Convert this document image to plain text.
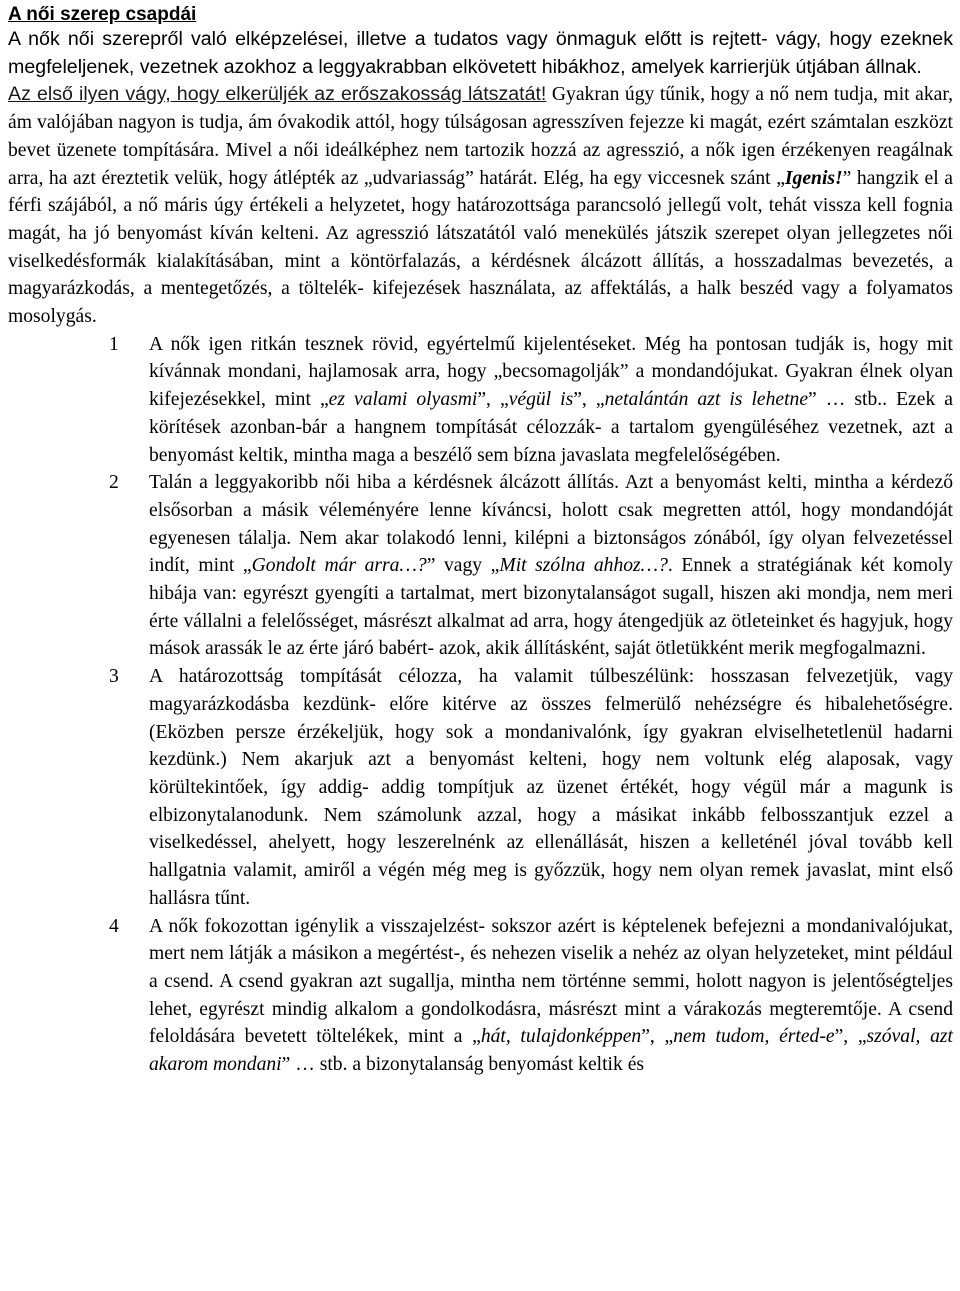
A női szerep csapdái

A nők női szerepről való elképzelései, illetve a tudatos vagy önmaguk előtt is rejtett- vágy, hogy ezeknek megfeleljenek, vezetnek azokhoz a leggyakrabban elkövetett hibákhoz, amelyek karrierjük útjában állnak.
Az első ilyen vágy, hogy elkerüljék az erőszakosság látszatát! Gyakran úgy tűnik, hogy a nő nem tudja, mit akar, ám valójában nagyon is tudja, ám óvakodik attól, hogy túlságosan agresszíven fejezze ki magát, ezért számtalan eszközt bevet üzenete tompítására. Mivel a női ideálképhez nem tartozik hozzá az agresszió, a nők igen érzékenyen reagálnak arra, ha azt éreztetik velük, hogy átlépték az „udvariasság” határát. Elég, ha egy viccesnek szánt „Igenis!” hangzik el a férfi szájából, a nő máris úgy értékeli a helyzetet, hogy határozottsága parancsoló jellegű volt, tehát vissza kell fognia magát, ha jó benyomást kíván kelteni. Az agresszió látszatától való menekülés játszik szerepet olyan jellegzetes női viselkedésformák kialakításában, mint a köntörfalazás, a kérdésnek álcázott állítás, a hosszadalmas bevezetés, a magyarázkodás, a mentegetőzés, a töltelék- kifejezések használata, az affektálás, a halk beszéd vagy a folyamatos mosolygás.

1	A nők igen ritkán tesznek rövid, egyértelmű kijelentéseket. Még ha pontosan tudják is, hogy mit kívánnak mondani, hajlamosak arra, hogy „becsomagolják” a mondandójukat. Gyakran élnek olyan kifejezésekkel, mint „ez valami olyasmi”, „végül is”, „netalántán azt is lehetne” … stb.. Ezek a körítések azonban-bár a hangnem tompítását célozzák- a tartalom gyengüléséhez vezetnek, azt a benyomást keltik, mintha maga a beszélő sem bízna javaslata megfelelőségében.
2	Talán a leggyakoribb női hiba a kérdésnek álcázott állítás. Azt a benyomást kelti, mintha a kérdező elsősorban a másik véleményére lenne kíváncsi, holott csak megretten attól, hogy mondandóját egyenesen tálalja. Nem akar tolakodó lenni, kilépni a biztonságos zónából, így olyan felvezetéssel indít, mint „Gondolt már arra…?” vagy „Mit szólna ahhoz…?. Ennek a stratégiának két komoly hibája van: egyrészt gyengíti a tartalmat, mert bizonytalanságot sugall, hiszen aki mondja, nem meri érte vállalni a felelősséget, másrészt alkalmat ad arra, hogy átengedjük az ötleteinket és hagyjuk, hogy mások arassák le az érte járó babért- azok, akik állításként, saját ötletükként merik megfogalmazni.
3	A határozottság tompítását célozza, ha valamit túlbeszélünk: hosszasan felvezetjük, vagy magyarázkodásba kezdünk- előre kitérve az összes felmerülő nehézségre és hibalehetőségre. (Eközben persze érzékeljük, hogy sok a mondanivalónk, így gyakran elviselhetetlenül hadarni kezdünk.) Nem akarjuk azt a benyomást kelteni, hogy nem voltunk elég alaposak, vagy körültekintőek, így addig- addig tompítjuk az üzenet értékét, hogy végül már a magunk is elbizonytalanodunk. Nem számolunk azzal, hogy a másikat inkább felbosszantjuk ezzel a viselkedéssel, ahelyett, hogy leszerelnénk az ellenállását, hiszen a kelleténél jóval tovább kell hallgatnia valamit, amiről a végén még meg is győzzük, hogy nem olyan remek javaslat, mint első hallásra tűnt.
4	A nők fokozottan igénylik a visszajelzést- sokszor azért is képtelenek befejezni a mondanivalójukat, mert nem látják a másikon a megértést-, és nehezen viselik a nehéz az olyan helyzeteket, mint például a csend. A csend gyakran azt sugallja, mintha nem történne semmi, holott nagyon is jelentőségteljes lehet, egyrészt mindig alkalom a gondolkodásra, másrészt mint a várakozás megteremtője. A csend feloldására bevetett töltelékek, mint a „hát, tulajdonképpen”, „nem tudom, érted-e”, „szóval, azt akarom mondani” … stb. a bizonytalanság benyomást keltik és
